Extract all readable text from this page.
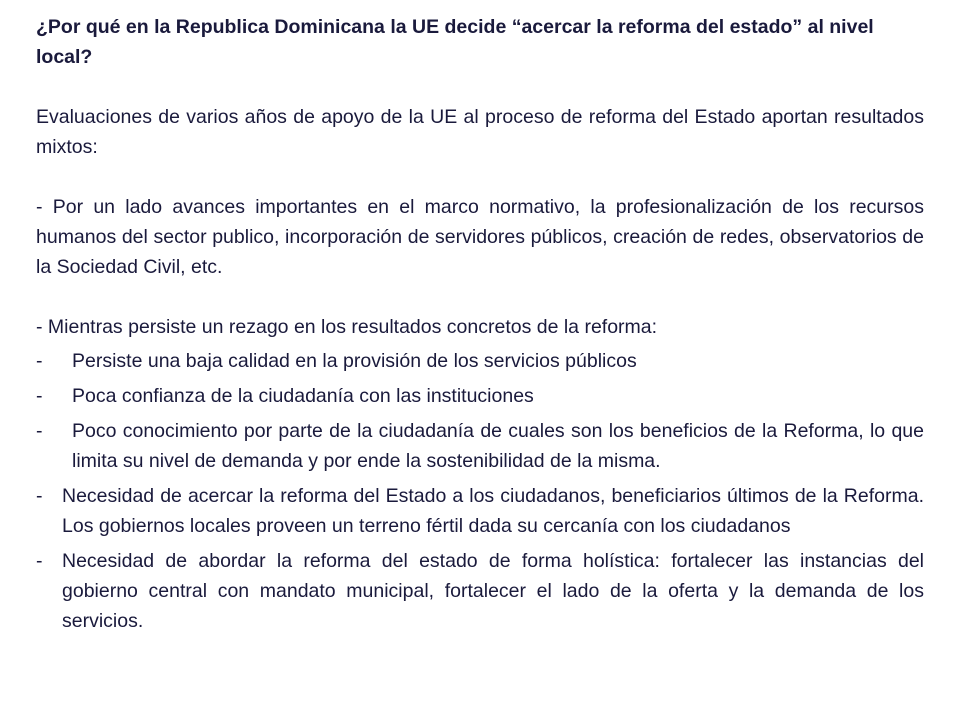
¿Por qué en la Republica Dominicana la UE decide “acercar la reforma del estado” al nivel local?
Evaluaciones de varios años de apoyo de la UE al proceso de reforma del Estado aportan resultados mixtos:
- Por un lado avances importantes en el marco normativo, la profesionalización de los recursos humanos del sector publico, incorporación de servidores públicos, creación de redes, observatorios de la Sociedad Civil, etc.
- Mientras persiste un rezago en los resultados concretos de la reforma:
- Persiste una baja calidad en la provisión de los servicios públicos
- Poca confianza de la ciudadanía con las instituciones
- Poco conocimiento por parte de la ciudadanía de cuales son los beneficios de la Reforma, lo que limita su nivel de demanda y por ende la sostenibilidad de la misma.
- Necesidad de acercar la reforma del Estado a los ciudadanos, beneficiarios últimos de la Reforma. Los gobiernos locales proveen un terreno fértil dada su cercanía con los ciudadanos
- Necesidad de abordar la reforma del estado de forma holística: fortalecer las instancias del gobierno central con mandato municipal, fortalecer el lado de la oferta y la demanda de los servicios.
